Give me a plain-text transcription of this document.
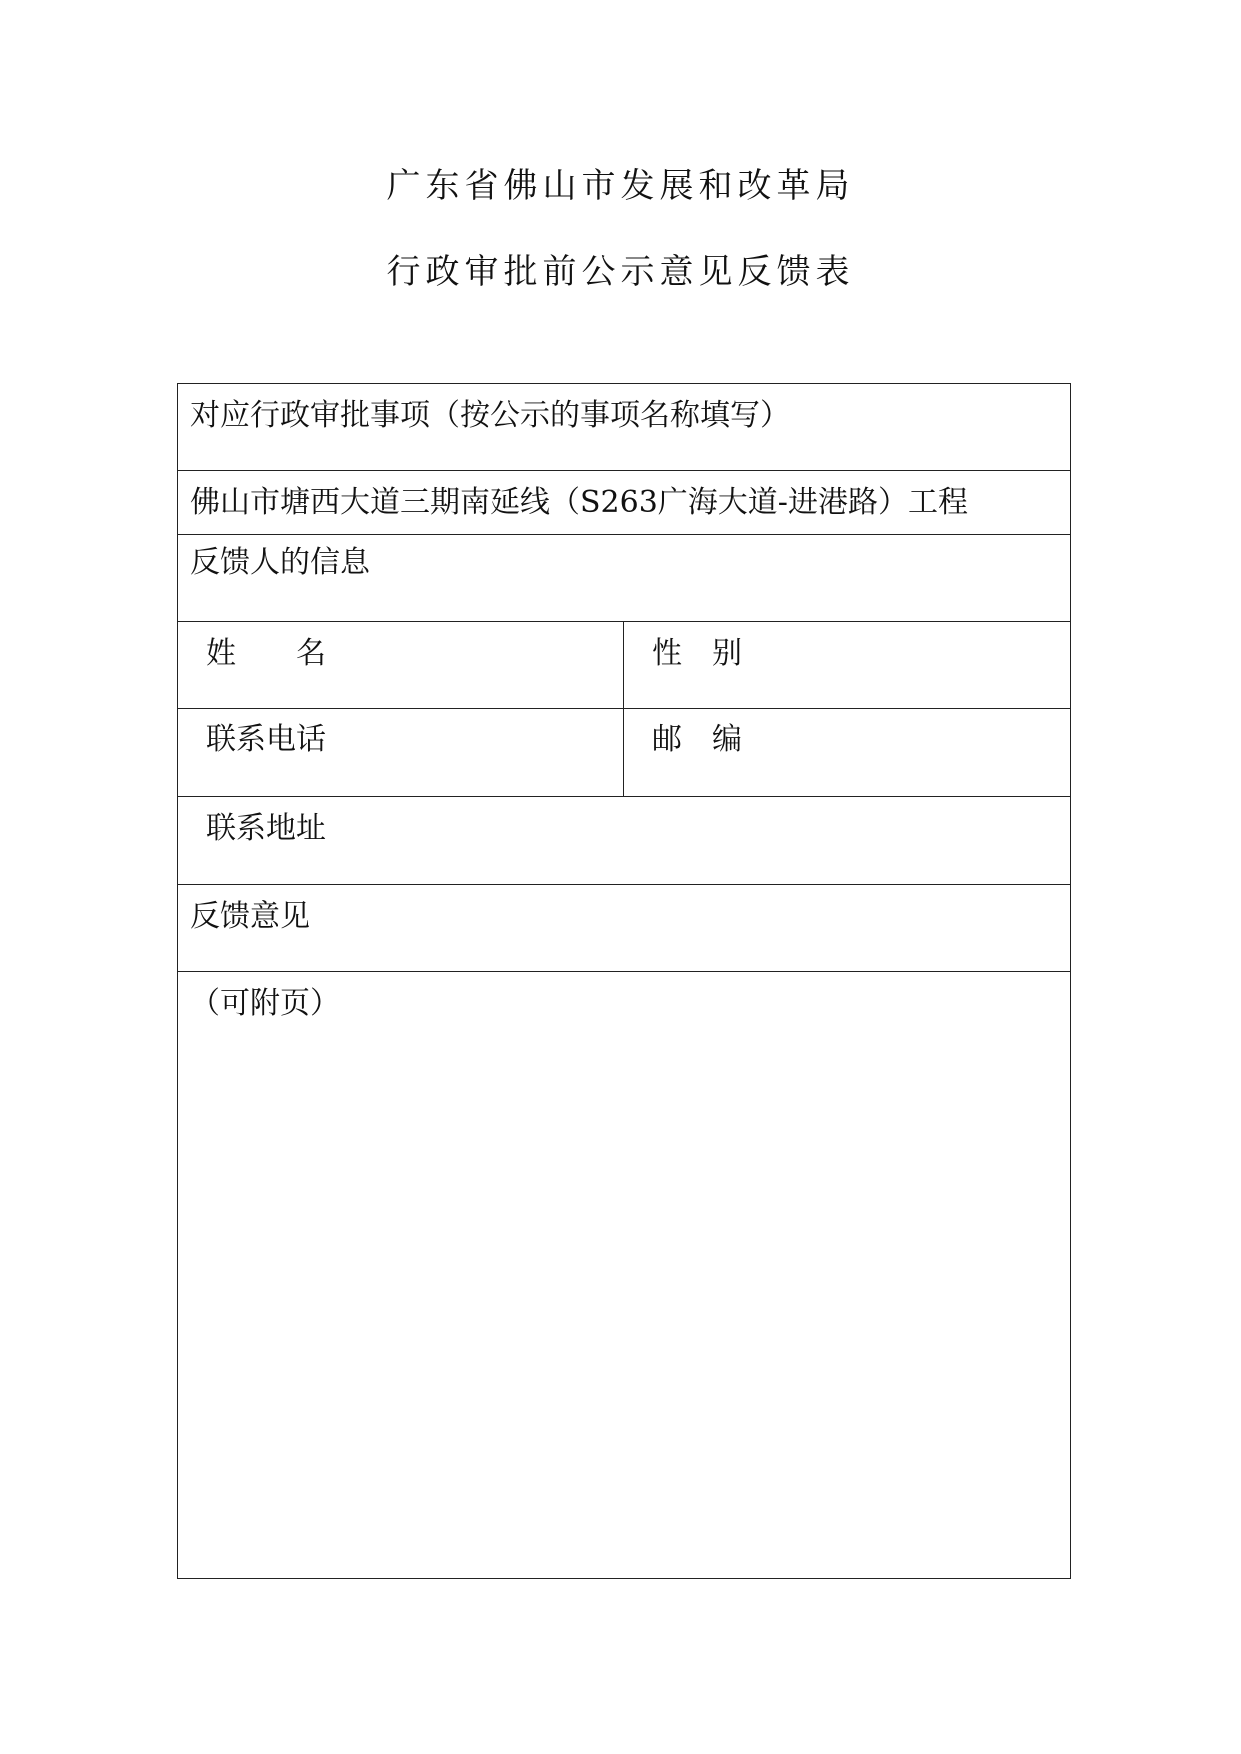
广东省佛山市发展和改革局
行政审批前公示意见反馈表
对应行政审批事项（按公示的事项名称填写）
佛山市塘西大道三期南延线（S263广海大道-进港路）工程
反馈人的信息
姓　　名	性　别
联系电话	邮　编
联系地址
反馈意见
（可附页）
